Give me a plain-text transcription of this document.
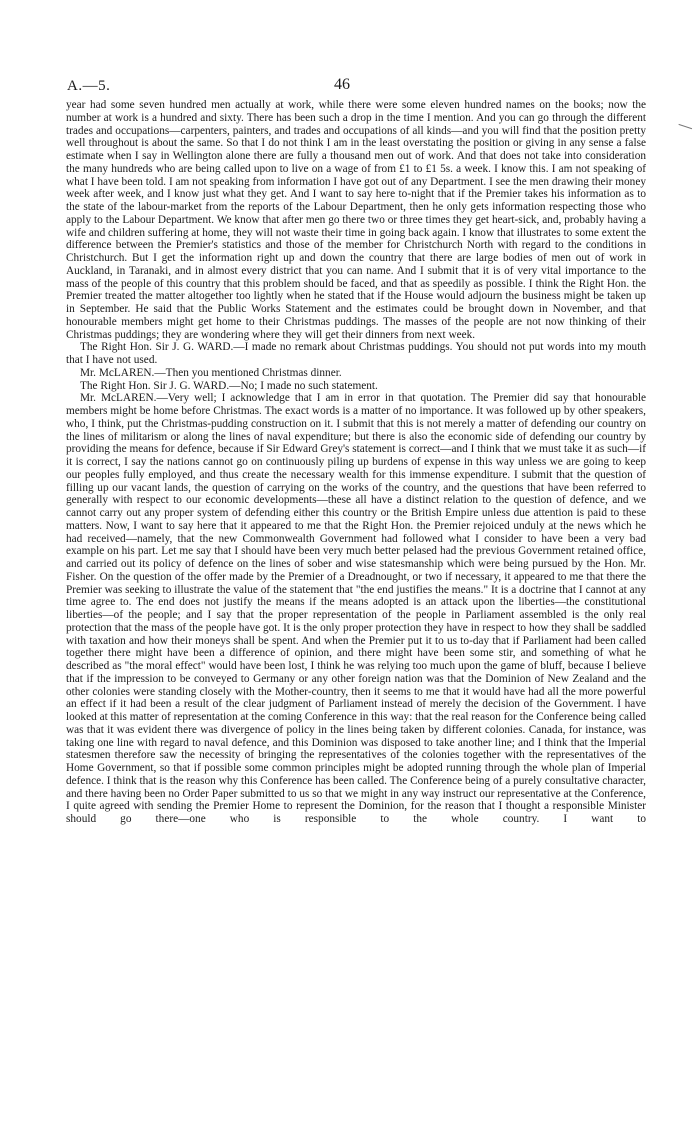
A.—5.	46

year had some seven hundred men actually at work, while there were some eleven hundred names on the books; now the number at work is a hundred and sixty. There has been such a drop in the time I mention. And you can go through the different trades and occupations—carpenters, painters, and trades and occupations of all kinds—and you will find that the position pretty well throughout is about the same. So that I do not think I am in the least overstating the position or giving in any sense a false estimate when I say in Wellington alone there are fully a thousand men out of work. And that does not take into consideration the many hundreds who are being called upon to live on a wage of from £1 to £1 5s. a week. I know this. I am not speaking of what I have been told. I am not speaking from information I have got out of any Department. I see the men drawing their money week after week, and I know just what they get. And I want to say here to-night that if the Premier takes his information as to the state of the labour-market from the reports of the Labour Department, then he only gets information respecting those who apply to the Labour Department. We know that after men go there two or three times they get heart-sick, and, probably having a wife and children suffering at home, they will not waste their time in going back again. I know that illustrates to some extent the difference between the Premier's statistics and those of the member for Christchurch North with regard to the conditions in Christchurch. But I get the information right up and down the country that there are large bodies of men out of work in Auckland, in Taranaki, and in almost every district that you can name. And I submit that it is of very vital importance to the mass of the people of this country that this problem should be faced, and that as speedily as possible. I think the Right Hon. the Premier treated the matter altogether too lightly when he stated that if the House would adjourn the business might be taken up in September. He said that the Public Works Statement and the estimates could be brought down in November, and that honourable members might get home to their Christmas puddings. The masses of the people are not now thinking of their Christmas puddings; they are wondering where they will get their dinners from next week.

The Right Hon. Sir J. G. WARD.—I made no remark about Christmas puddings. You should not put words into my mouth that I have not used.

Mr. McLAREN.—Then you mentioned Christmas dinner.

The Right Hon. Sir J. G. WARD.—No; I made no such statement.

Mr. McLAREN.—Very well; I acknowledge that I am in error in that quotation. The Premier did say that honourable members might be home before Christmas. The exact words is a matter of no importance. It was followed up by other speakers, who, I think, put the Christmas-pudding construction on it. I submit that this is not merely a matter of defending our country on the lines of militarism or along the lines of naval expenditure; but there is also the economic side of defending our country by providing the means for defence, because if Sir Edward Grey's statement is correct—and I think that we must take it as such—if it is correct, I say the nations cannot go on continuously piling up burdens of expense in this way unless we are going to keep our peoples fully employed, and thus create the necessary wealth for this immense expenditure. I submit that the question of filling up our vacant lands, the question of carrying on the works of the country, and the questions that have been referred to generally with respect to our economic developments—these all have a distinct relation to the question of defence, and we cannot carry out any proper system of defending either this country or the British Empire unless due attention is paid to these matters. Now, I want to say here that it appeared to me that the Right Hon. the Premier rejoiced unduly at the news which he had received—namely, that the new Commonwealth Government had followed what I consider to have been a very bad example on his part. Let me say that I should have been very much better pelased had the previous Government retained office, and carried out its policy of defence on the lines of sober and wise statesmanship which were being pursued by the Hon. Mr. Fisher. On the question of the offer made by the Premier of a Dreadnought, or two if necessary, it appeared to me that there the Premier was seeking to illustrate the value of the statement that "the end justifies the means." It is a doctrine that I cannot at any time agree to. The end does not justify the means if the means adopted is an attack upon the liberties—the constitutional liberties—of the people; and I say that the proper representation of the people in Parliament assembled is the only real protection that the mass of the people have got. It is the only proper protection they have in respect to how they shall be saddled with taxation and how their moneys shall be spent. And when the Premier put it to us to-day that if Parliament had been called together there might have been a difference of opinion, and there might have been some stir, and something of what he described as "the moral effect" would have been lost, I think he was relying too much upon the game of bluff, because I believe that if the impression to be conveyed to Germany or any other foreign nation was that the Dominion of New Zealand and the other colonies were standing closely with the Mother-country, then it seems to me that it would have had all the more powerful an effect if it had been a result of the clear judgment of Parliament instead of merely the decision of the Government. I have looked at this matter of representation at the coming Conference in this way: that the real reason for the Conference being called was that it was evident there was divergence of policy in the lines being taken by different colonies. Canada, for instance, was taking one line with regard to naval defence, and this Dominion was disposed to take another line; and I think that the Imperial statesmen therefore saw the necessity of bringing the representatives of the colonies together with the representatives of the Home Government, so that if possible some common principles might be adopted running through the whole plan of Imperial defence. I think that is the reason why this Conference has been called. The Conference being of a purely consultative character, and there having been no Order Paper submitted to us so that we might in any way instruct our representative at the Conference, I quite agreed with sending the Premier Home to represent the Dominion, for the reason that I thought a responsible Minister should go there—one who is responsible to the whole country. I want to
